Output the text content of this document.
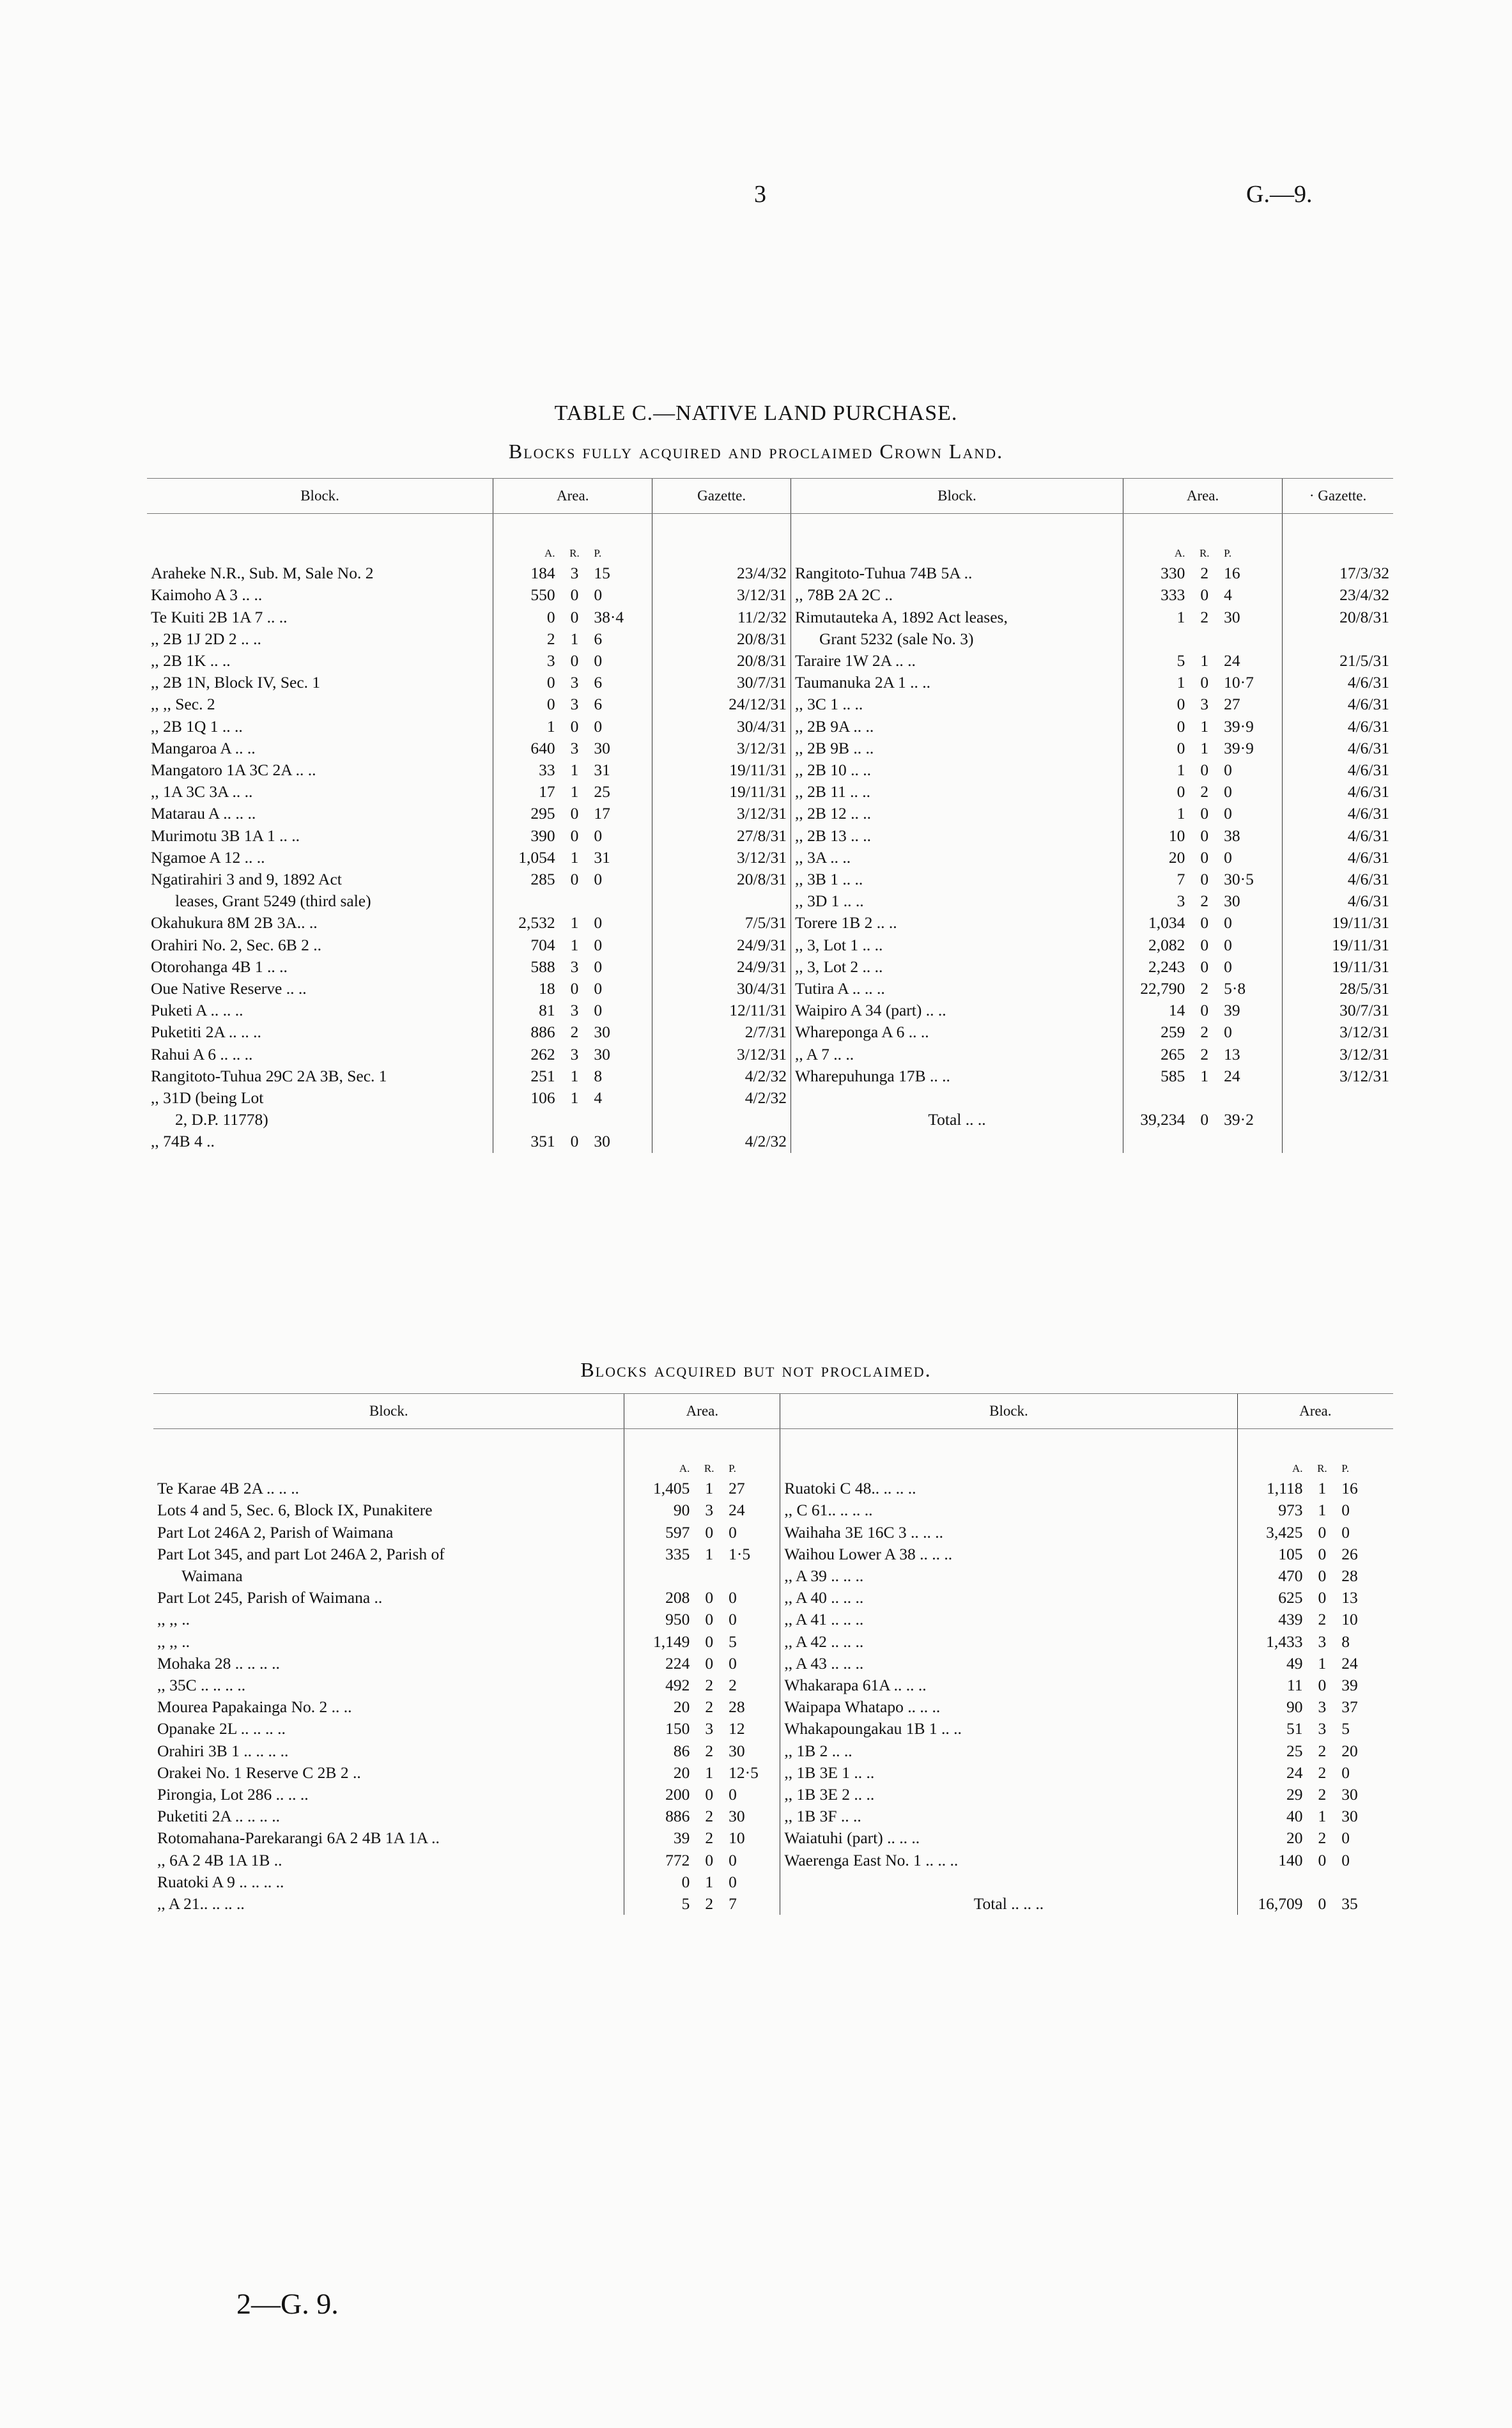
3	G.—9.
TABLE C.—NATIVE LAND PURCHASE.
Blocks fully acquired and proclaimed Crown Land.
Block.	Area.			Gazette.	Block.	Area.			· Gazette.
	A.	R.	P.			A.	R.	P.	
Araheke N.R., Sub. M, Sale No. 2	184	3	15	23/4/32	Rangitoto-Tuhua 74B 5A ..	330	2	16	17/3/32
Kaimoho A 3 .. ..	550	0	0	3/12/31	,, 78B 2A 2C ..	333	0	4	23/4/32
Te Kuiti 2B 1A 7 .. ..	0	0	38·4	11/2/32	Rimutauteka A, 1892 Act leases,	1	2	30	20/8/31
,, 2B 1J 2D 2 .. ..	2	1	6	20/8/31	Grant 5232 (sale No. 3)				
,, 2B 1K .. ..	3	0	0	20/8/31	Taraire 1W 2A .. ..	5	1	24	21/5/31
,, 2B 1N, Block IV, Sec. 1	0	3	6	30/7/31	Taumanuka 2A 1 .. ..	1	0	10·7	4/6/31
,, ,, Sec. 2	0	3	6	24/12/31	,, 3C 1 .. ..	0	3	27	4/6/31
,, 2B 1Q 1 .. ..	1	0	0	30/4/31	,, 2B 9A .. ..	0	1	39·9	4/6/31
Mangaroa A .. ..	640	3	30	3/12/31	,, 2B 9B .. ..	0	1	39·9	4/6/31
Mangatoro 1A 3C 2A .. ..	33	1	31	19/11/31	,, 2B 10 .. ..	1	0	0	4/6/31
,, 1A 3C 3A .. ..	17	1	25	19/11/31	,, 2B 11 .. ..	0	2	0	4/6/31
Matarau A .. .. ..	295	0	17	3/12/31	,, 2B 12 .. ..	1	0	0	4/6/31
Murimotu 3B 1A 1 .. ..	390	0	0	27/8/31	,, 2B 13 .. ..	10	0	38	4/6/31
Ngamoe A 12 .. ..	1,054	1	31	3/12/31	,, 3A .. ..	20	0	0	4/6/31
Ngatirahiri 3 and 9, 1892 Act	285	0	0	20/8/31	,, 3B 1 .. ..	7	0	30·5	4/6/31
leases, Grant 5249 (third sale)					,, 3D 1 .. ..	3	2	30	4/6/31
Okahukura 8M 2B 3A.. ..	2,532	1	0	7/5/31	Torere 1B 2 .. ..	1,034	0	0	19/11/31
Orahiri No. 2, Sec. 6B 2 ..	704	1	0	24/9/31	,, 3, Lot 1 .. ..	2,082	0	0	19/11/31
Otorohanga 4B 1 .. ..	588	3	0	24/9/31	,, 3, Lot 2 .. ..	2,243	0	0	19/11/31
Oue Native Reserve .. ..	18	0	0	30/4/31	Tutira A .. .. ..	22,790	2	5·8	28/5/31
Puketi A .. .. ..	81	3	0	12/11/31	Waipiro A 34 (part) .. ..	14	0	39	30/7/31
Puketiti 2A .. .. ..	886	2	30	2/7/31	Whareponga A 6 .. ..	259	2	0	3/12/31
Rahui A 6 .. .. ..	262	3	30	3/12/31	,, A 7 .. ..	265	2	13	3/12/31
Rangitoto-Tuhua 29C 2A 3B, Sec. 1	251	1	8	4/2/32	Wharepuhunga 17B .. ..	585	1	24	3/12/31
,, 31D (being Lot	106	1	4	4/2/32					
2, D.P. 11778)					Total .. ..	39,234	0	39·2	
,, 74B 4 ..	351	0	30	4/2/32					
Blocks acquired but not proclaimed.
Block.	Area.			Block.	Area.		
	A.	R.	P.		A.	R.	P.
Te Karae 4B 2A .. .. ..	1,405	1	27	Ruatoki C 48.. .. .. ..	1,118	1	16
Lots 4 and 5, Sec. 6, Block IX, Punakitere	90	3	24	,, C 61.. .. .. ..	973	1	0
Part Lot 246A 2, Parish of Waimana	597	0	0	Waihaha 3E 16C 3 .. .. ..	3,425	0	0
Part Lot 345, and part Lot 246A 2, Parish of	335	1	1·5	Waihou Lower A 38 .. .. ..	105	0	26
Waimana				,, A 39 .. .. ..	470	0	28
Part Lot 245, Parish of Waimana ..	208	0	0	,, A 40 .. .. ..	625	0	13
,, ,, ..	950	0	0	,, A 41 .. .. ..	439	2	10
,, ,, ..	1,149	0	5	,, A 42 .. .. ..	1,433	3	8
Mohaka 28 .. .. .. ..	224	0	0	,, A 43 .. .. ..	49	1	24
,, 35C .. .. .. ..	492	2	2	Whakarapa 61A .. .. ..	11	0	39
Mourea Papakainga No. 2 .. ..	20	2	28	Waipapa Whatapo .. .. ..	90	3	37
Opanake 2L .. .. .. ..	150	3	12	Whakapoungakau 1B 1 .. ..	51	3	5
Orahiri 3B 1 .. .. .. ..	86	2	30	,, 1B 2 .. ..	25	2	20
Orakei No. 1 Reserve C 2B 2 ..	20	1	12·5	,, 1B 3E 1 .. ..	24	2	0
Pirongia, Lot 286 .. .. ..	200	0	0	,, 1B 3E 2 .. ..	29	2	30
Puketiti 2A .. .. .. ..	886	2	30	,, 1B 3F .. ..	40	1	30
Rotomahana-Parekarangi 6A 2 4B 1A 1A ..	39	2	10	Waiatuhi (part) .. .. ..	20	2	0
,, 6A 2 4B 1A 1B ..	772	0	0	Waerenga East No. 1 .. .. ..	140	0	0
Ruatoki A 9 .. .. .. ..	0	1	0				
,, A 21.. .. .. ..	5	2	7	Total .. .. ..	16,709	0	35
2—G. 9.
